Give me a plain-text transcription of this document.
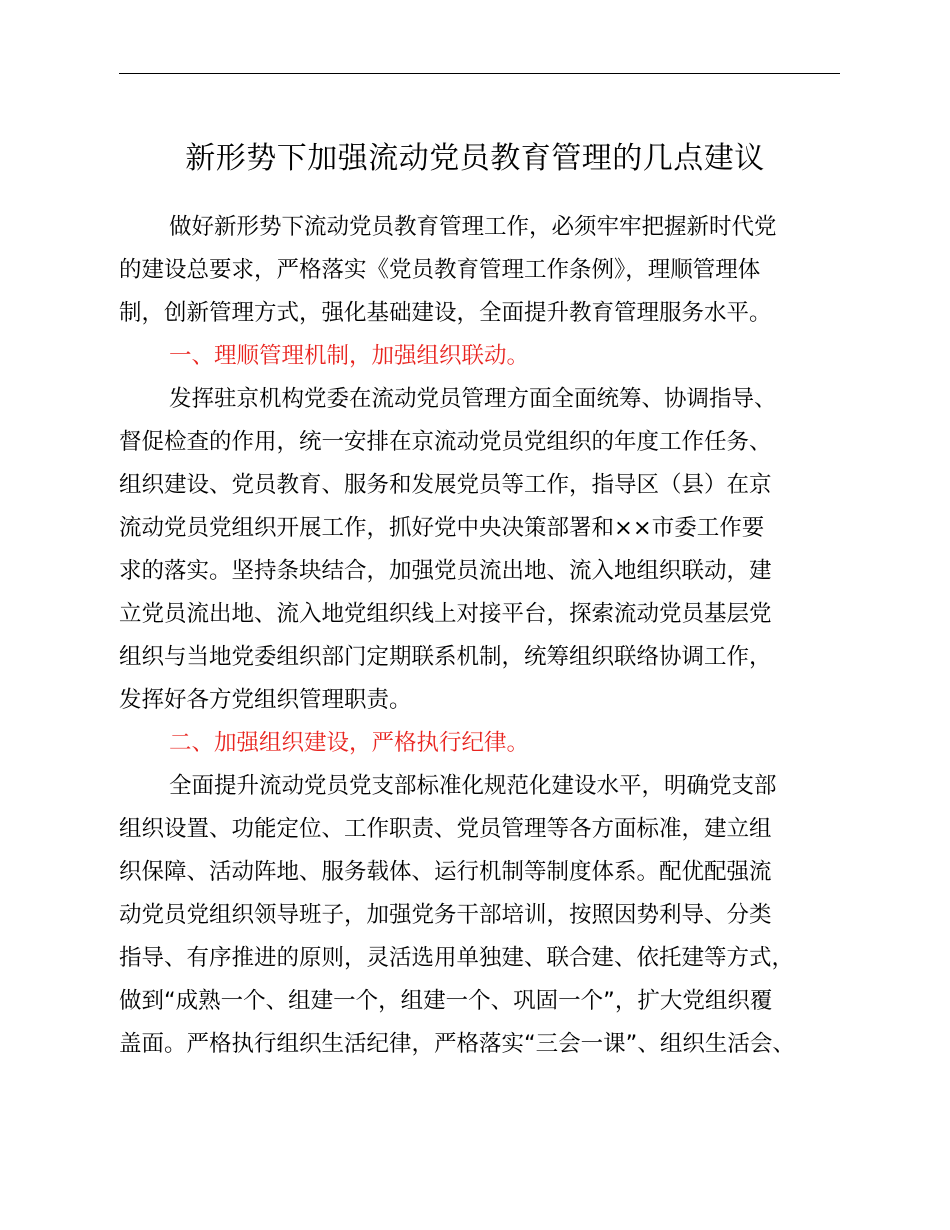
新形势下加强流动党员教育管理的几点建议
做好新形势下流动党员教育管理工作，必须牢牢把握新时代党
的建设总要求，严格落实《党员教育管理工作条例》，理顺管理体
制，创新管理方式，强化基础建设，全面提升教育管理服务水平。
一、理顺管理机制，加强组织联动。
发挥驻京机构党委在流动党员管理方面全面统筹、协调指导、
督促检查的作用，统一安排在京流动党员党组织的年度工作任务、
组织建设、党员教育、服务和发展党员等工作，指导区（县）在京
流动党员党组织开展工作，抓好党中央决策部署和××市委工作要
求的落实。坚持条块结合，加强党员流出地、流入地组织联动，建
立党员流出地、流入地党组织线上对接平台，探索流动党员基层党
组织与当地党委组织部门定期联系机制，统筹组织联络协调工作，
发挥好各方党组织管理职责。
二、加强组织建设，严格执行纪律。
全面提升流动党员党支部标准化规范化建设水平，明确党支部
组织设置、功能定位、工作职责、党员管理等各方面标准，建立组
织保障、活动阵地、服务载体、运行机制等制度体系。配优配强流
动党员党组织领导班子，加强党务干部培训，按照因势利导、分类
指导、有序推进的原则，灵活选用单独建、联合建、依托建等方式，
做到“成熟一个、组建一个，组建一个、巩固一个”，扩大党组织覆
盖面。严格执行组织生活纪律，严格落实“三会一课”、组织生活会、
